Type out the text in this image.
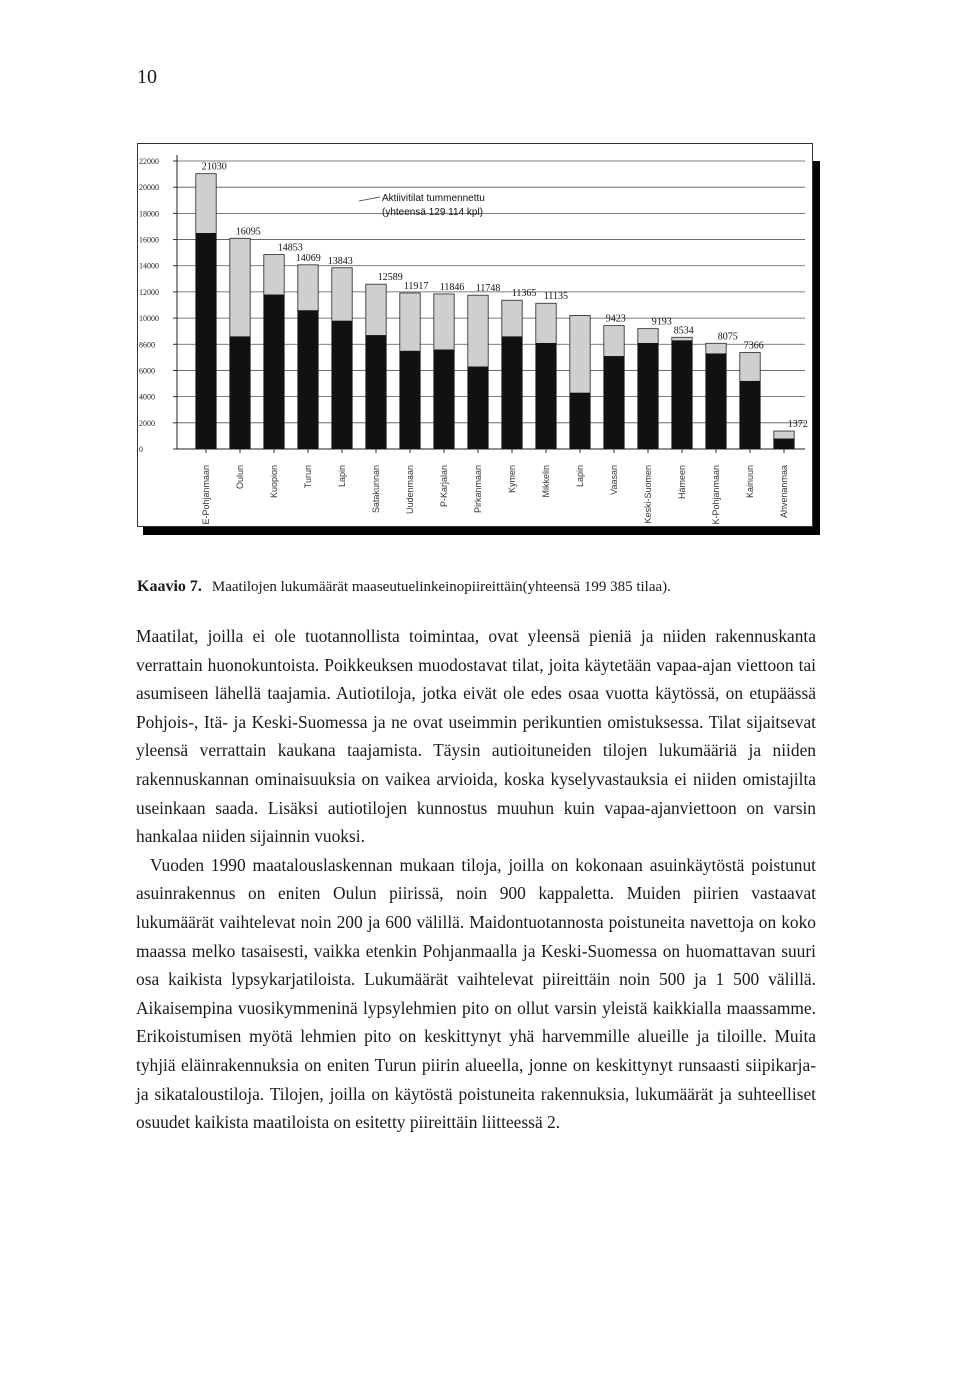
10
0
2000
4000
6000
8600
10000
12000
14000
16000
18000
20000
22000
21030
E-Pohjanmaan
16095
Oulun
14853
Kuopion
14069
Turun
13843
Lapin
12589
Satakunnan
11917
Uudenmaan
11846
P-Karjalan
11748
Pirkanmaan
11365
Kymen
11135
Mikkelin	Lapin
9423
Vaasan
9193
Keski-Suomen
8534
Hämeen
8075
K-Pohjanmaan
7366
Kainuun
1372
Ahvenanmaa
Aktiivitilat tummennettu
(yhteensä 129 114 kpl)
Kaavio 7. Maatilojen lukumäärät maaseutuelinkeinopiireittäin(yhteensä 199 385 tilaa).

Maatilat, joilla ei ole tuotannollista toimintaa, ovat yleensä pieniä ja niiden rakennuskanta verrattain huonokuntoista. Poikkeuksen muodostavat tilat, joita käytetään vapaa-ajan viettoon tai asumiseen lähellä taajamia. Autiotiloja, jotka eivät ole edes osaa vuotta käytössä, on etupäässä Pohjois-, Itä- ja Keski-Suomessa ja ne ovat useimmin perikuntien omistuksessa. Tilat sijaitsevat yleensä verrattain kaukana taajamista. Täysin autioituneiden tilojen lukumääriä ja niiden rakennuskannan ominaisuuksia on vaikea arvioida, koska kyselyvastauksia ei niiden omistajilta useinkaan saada. Lisäksi autiotilojen kunnostus muuhun kuin vapaa-ajanviettoon on varsin hankalaa niiden sijainnin vuoksi.

Vuoden 1990 maatalouslaskennan mukaan tiloja, joilla on kokonaan asuinkäytöstä poistunut asuinrakennus on eniten Oulun piirissä, noin 900 kappaletta. Muiden piirien vastaavat lukumäärät vaihtelevat noin 200 ja 600 välillä. Maidontuotannosta poistuneita navettoja on koko maassa melko tasaisesti, vaikka etenkin Pohjanmaalla ja Keski-Suomessa on huomattavan suuri osa kaikista lypsykarjatiloista. Lukumäärät vaihtelevat piireittäin noin 500 ja 1 500 välillä. Aikaisempina vuosikymmeninä lypsylehmien pito on ollut varsin yleistä kaikkialla maassamme. Erikoistumisen myötä lehmien pito on keskittynyt yhä harvemmille alueille ja tiloille. Muita tyhjiä eläinrakennuksia on eniten Turun piirin alueella, jonne on keskittynyt runsaasti siipikarja- ja sikataloustiloja. Tilojen, joilla on käytöstä poistuneita rakennuksia, lukumäärät ja suhteelliset osuudet kaikista maatiloista on esitetty piireittäin liitteessä 2.
